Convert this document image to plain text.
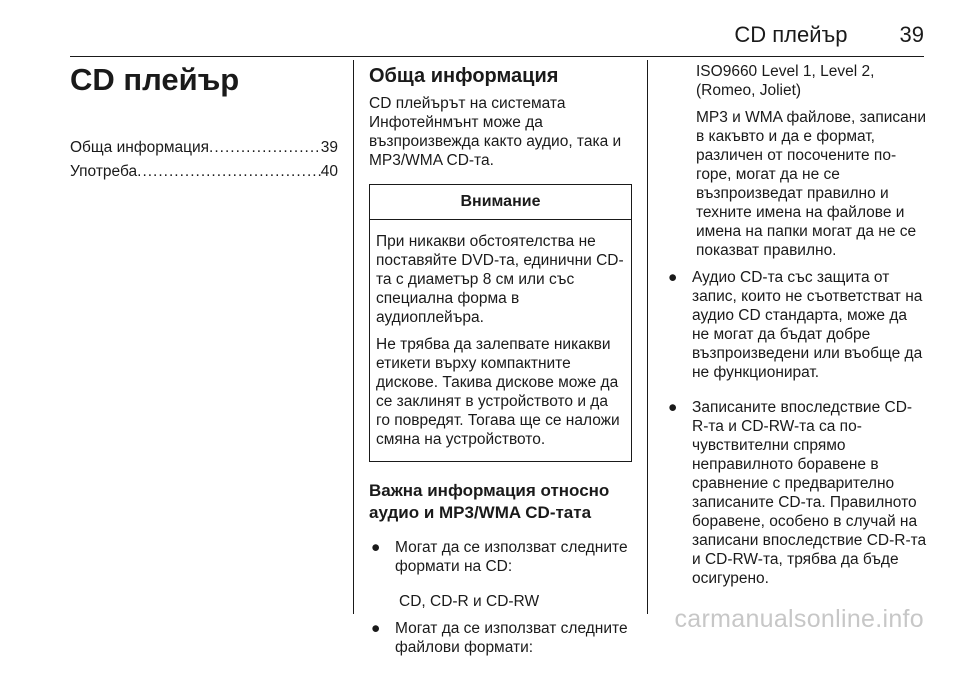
CD плейър 39
CD плейър
Обща информация .....	39
Употреба .....	40
Обща информация

CD плейърът на системата Инфотейнмънт може да възпроизвежда както аудио, така и MP3/WMA CD-та.

Внимание

При никакви обстоятелства не поставяйте DVD-та, единични CD-та с диаметър 8 см или със специална форма в аудиоплейъра.

Не трябва да залепвате никакви етикети върху компактните дискове. Такива дискове може да се заклинят в устройството и да го повредят. Тогава ще се наложи смяна на устройството.

Важна информация относно аудио и MP3/WMA CD-тата
● Могат да се използват следните формати на CD:

CD, CD-R и CD-RW

● Могат да се използват следните файлови формати:

ISO9660 Level 1, Level 2, (Romeo, Joliet)

MP3 и WMA файлове, записани в какъвто и да е формат, различен от посочените по-горе, могат да не се възпроизведат правилно и техните имена на файлове и имена на папки могат да не се показват правилно.

● Аудио CD-та със защита от запис, които не съответстват на аудио CD стандарта, може да не могат да бъдат добре възпроизведени или въобще да не функционират.

● Записаните впоследствие CD-R-та и CD-RW-та са по-чувствителни спрямо неправилното боравене в сравнение с предварително записаните CD-та. Правилното боравене, особено в случай на записани впоследствие CD-R-та и CD-RW-та, трябва да бъде осигурено.

carmanualsonline.info
